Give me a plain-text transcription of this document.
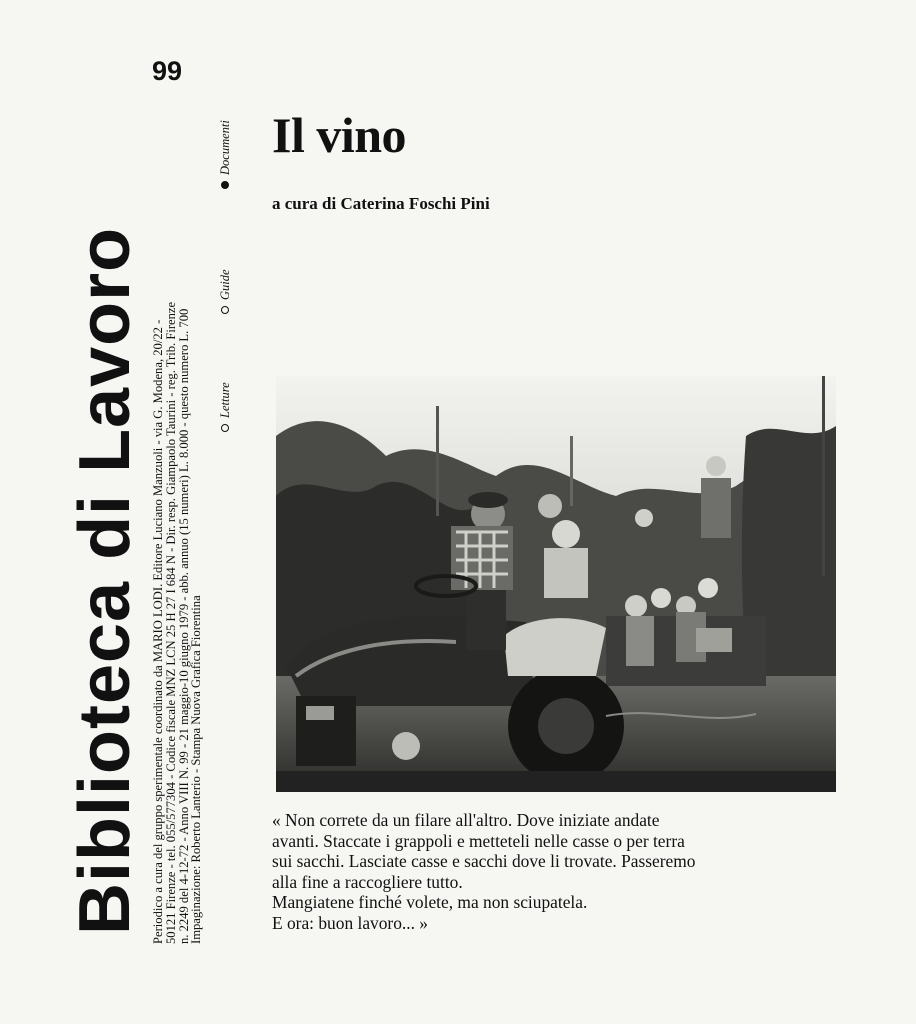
Biblioteca di Lavoro Periodico a cura del gruppo sperimentale coordinato da MARIO LODI. Editore Luciano Manzuoli - via G. Modena, 20/22 -
50121 Firenze - tel. 055/577304 - Codice fiscale MNZ LCN 25 H 27 I 684 N - Dir. resp. Giampaolo Taurini - reg. Trib. Firenze
n. 2249 del 4-12-72 - Anno VIII N. 99 - 21 maggio-10 giugno 1979 - abb. annuo (15 numeri) L. 8.000 - questo numero L. 700
Impaginazione: Roberto Lanterio - Stampa Nuova Grafica Fiorentina
Letture
Guide
Documenti
99
Il vino
a cura di Caterina Foschi Pini
« Non correte da un filare all'altro. Dove iniziate andate
avanti. Staccate i grappoli e metteteli nelle casse o per terra
sui sacchi. Lasciate casse e sacchi dove li trovate. Passeremo
alla fine a raccogliere tutto.
Mangiatene finché volete, ma non sciupatela.
E ora: buon lavoro... »
